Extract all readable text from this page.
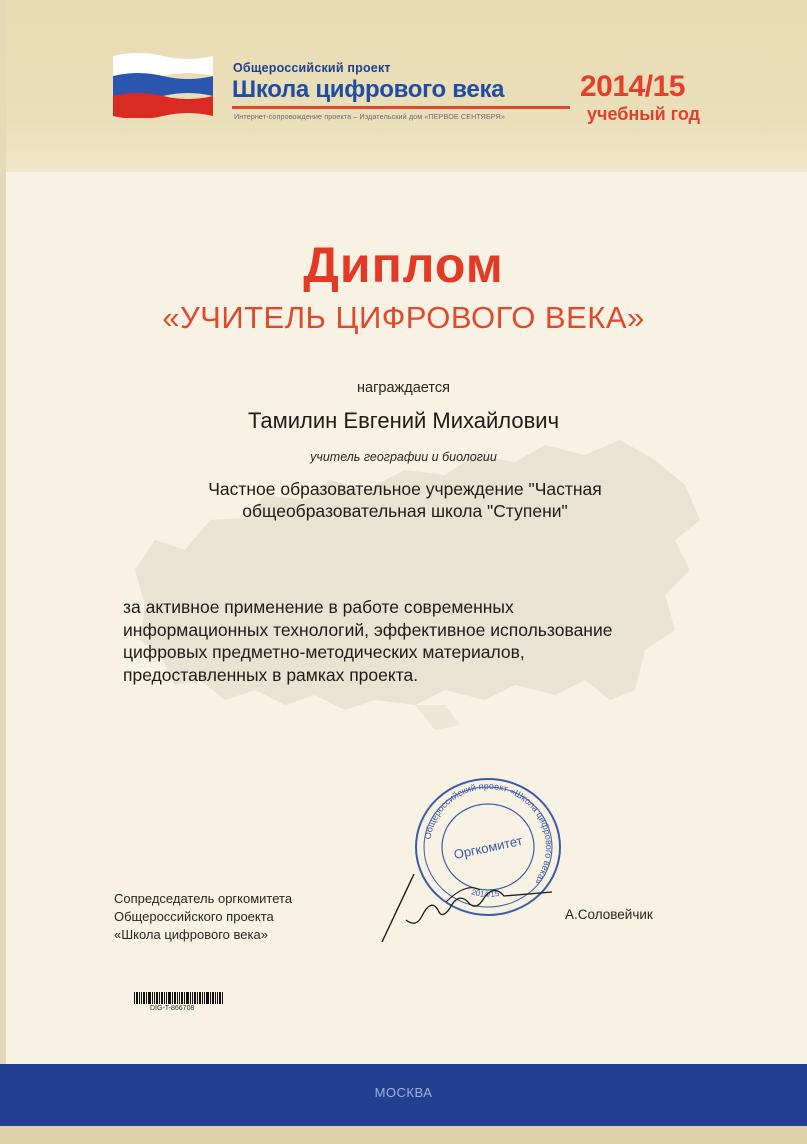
Общероссийский проект
Школа цифрового века
Интернет-сопровождение проекта – Издательский дом «ПЕРВОЕ СЕНТЯБРЯ»
2014/15
учебный год
Диплом
«УЧИТЕЛЬ ЦИФРОВОГО ВЕКА»
награждается
Тамилин Евгений Михайлович
учитель географии и биологии
Частное образовательное учреждение "Частная общеобразовательная школа "Ступени"
за активное применение в работе современных информационных технологий, эффективное использование цифровых предметно-методических материалов, предоставленных в рамках проекта.
Общероссийский проект «Школа цифрового века»
Оргкомитет
2014/15
Сопредседатель оргкомитета
Общероссийского проекта
«Школа цифрового века»
А.Соловейчик
DIG-T-866708
МОСКВА
